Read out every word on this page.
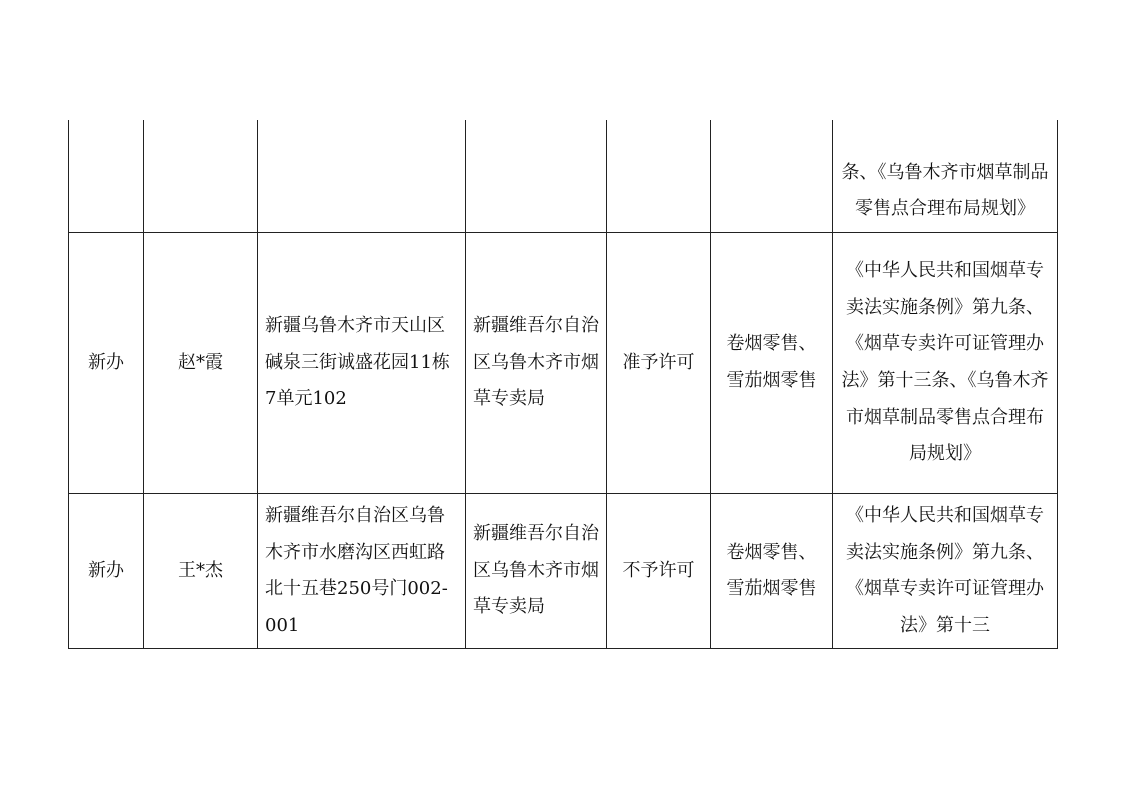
						条、《乌鲁木齐市烟草制品零售点合理布局规划》
新办	赵*霞	新疆乌鲁木齐市天山区碱泉三街诚盛花园11栋7单元102	新疆维吾尔自治区乌鲁木齐市烟草专卖局	准予许可	卷烟零售、雪茄烟零售	《中华人民共和国烟草专卖法实施条例》第九条、《烟草专卖许可证管理办法》第十三条、《乌鲁木齐市烟草制品零售点合理布局规划》
新办	王*杰	新疆维吾尔自治区乌鲁木齐市水磨沟区西虹路北十五巷250号门002-001	新疆维吾尔自治区乌鲁木齐市烟草专卖局	不予许可	卷烟零售、雪茄烟零售	《中华人民共和国烟草专卖法实施条例》第九条、《烟草专卖许可证管理办法》第十三
